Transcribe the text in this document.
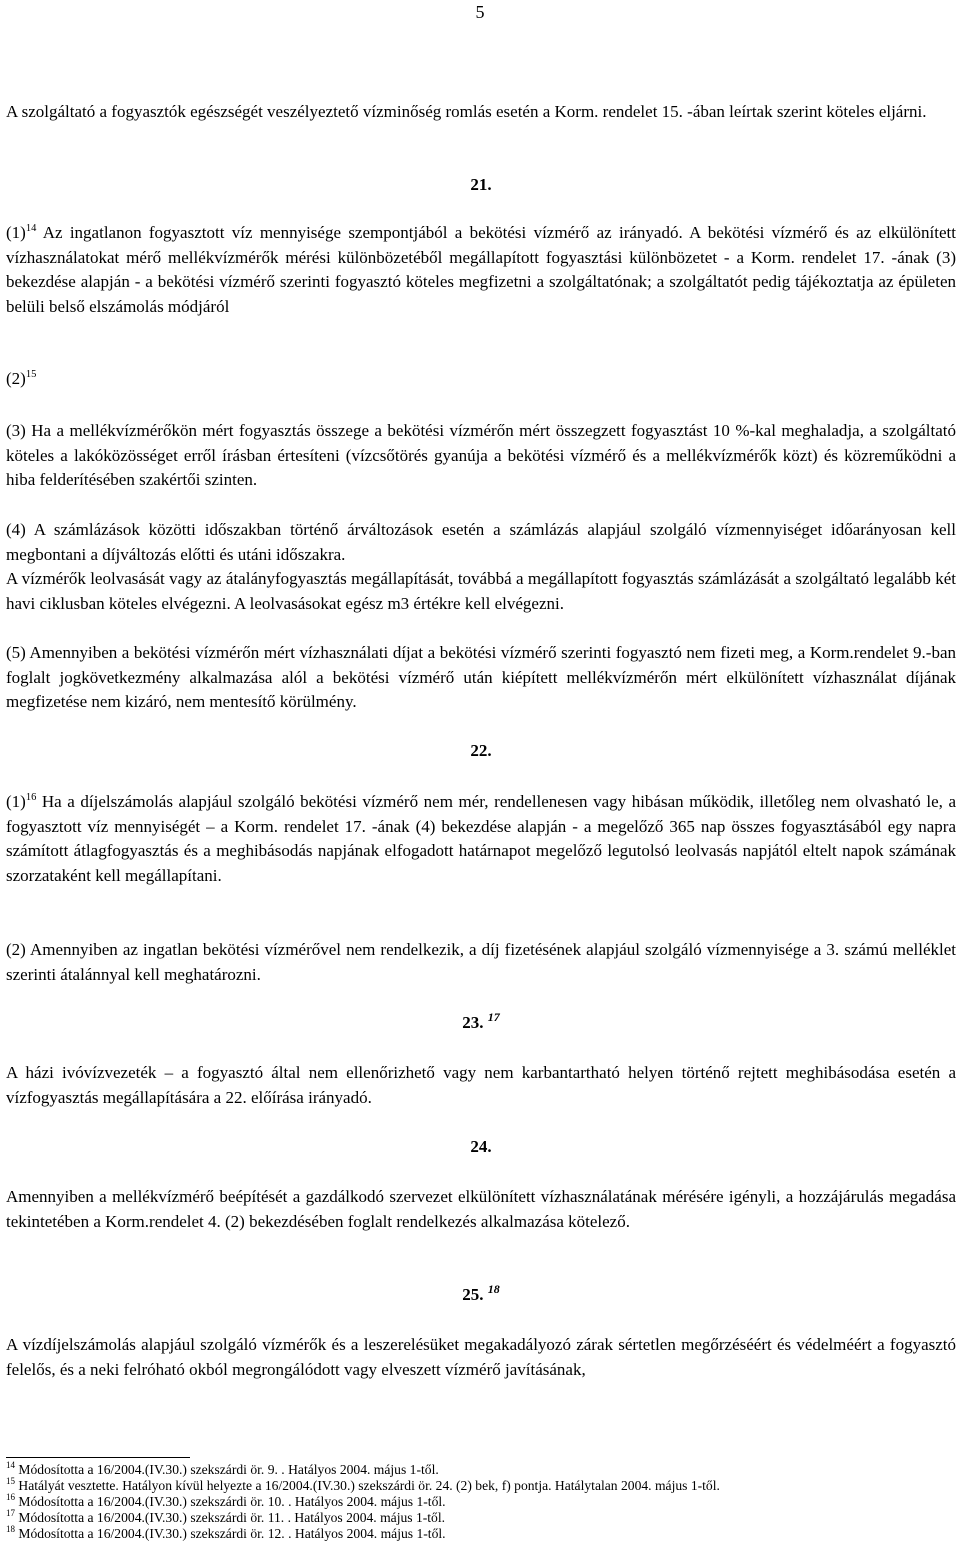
5

A szolgáltató a fogyasztók egészségét veszélyeztető vízminőség romlás esetén a Korm. rendelet 15. -ában leírtak szerint köteles eljárni.

21.

$(1)^{14}$ Az ingatlanon fogyasztott víz mennyisége szempontjából a bekötési vízmérő az irányadó. A bekötési vízmérő és az elkülönített vízhasználatokat mérő mellékvízmérők mérési különbözetéből megállapított fogyasztási különbözetet - a Korm. rendelet 17. -ának (3) bekezdése alapján - a bekötési vízmérő szerinti fogyasztó köteles megfizetni a szolgáltatónak; a szolgáltatót pedig tájékoztatja az épületen belüli belső elszámolás módjáról

$(2)^{15}$

(3) Ha a mellékvízmérőkön mért fogyasztás összege a bekötési vízmérőn mért összegzett fogyasztást 10 %-kal meghaladja, a szolgáltató köteles a lakóközösséget erről írásban értesíteni (vízcsőtörés gyanúja a bekötési vízmérő és a mellékvízmérők közt) és közreműködni a hiba felderítésében szakértői szinten.

(4) A számlázások közötti időszakban történő árváltozások esetén a számlázás alapjául szolgáló vízmennyiséget időarányosan kell megbontani a díjváltozás előtti és utáni időszakra.

A vízmérők leolvasását vagy az átalányfogyasztás megállapítását, továbbá a megállapított fogyasztás számlázását a szolgáltató legalább két havi ciklusban köteles elvégezni. A leolvasásokat egész m3 értékre kell elvégezni.

(5) Amennyiben a bekötési vízmérőn mért vízhasználati díjat a bekötési vízmérő szerinti fogyasztó nem fizeti meg, a Korm.rendelet 9.-ban foglalt jogkövetkezmény alkalmazása alól a bekötési vízmérő után kiépített mellékvízmérőn mért elkülönített vízhasználat díjának megfizetése nem kizáró, nem mentesítő körülmény.

22.

$(1)^{16}$ Ha a díjelszámolás alapjául szolgáló bekötési vízmérő nem mér, rendellenesen vagy hibásan működik, illetőleg nem olvasható le, a fogyasztott víz mennyiségét – a Korm. rendelet 17. -ának (4) bekezdése alapján - a megelőző 365 nap összes fogyasztásából egy napra számított átlagfogyasztás és a meghibásodás napjának elfogadott határnapot megelőző legutolsó leolvasás napjától eltelt napok számának szorzataként kell megállapítani.

(2) Amennyiben az ingatlan bekötési vízmérővel nem rendelkezik, a díj fizetésének alapjául szolgáló vízmennyisége a 3. számú melléklet szerinti átalánnyal kell meghatározni.

23. $^{17}$

A házi ivóvízvezeték – a fogyasztó által nem ellenőrizhető vagy nem karbantartható helyen történő rejtett meghibásodása esetén a vízfogyasztás megállapítására a 22. előírása irányadó.

24.

Amennyiben a mellékvízmérő beépítését a gazdálkodó szervezet elkülönített vízhasználatának mérésére igényli, a hozzájárulás megadása tekintetében a Korm.rendelet 4. (2) bekezdésében foglalt rendelkezés alkalmazása kötelező.

25. $^{18}$

A vízdíjelszámolás alapjául szolgáló vízmérők és a leszerelésüket megakadályozó zárak sértetlen megőrzéséért és védelméért a fogyasztó felelős, és a neki felróható okból megrongálódott vagy elveszett vízmérő javításának,

$^{14}$ Módosította a 16/2004.(IV.30.) szekszárdi ör. 9. . Hatályos 2004. május 1-től.
$^{15}$ Hatályát vesztette. Hatályon kívül helyezte a 16/2004.(IV.30.) szekszárdi ör. 24. (2) bek, f) pontja. Hatálytalan 2004. május 1-től.
$^{16}$ Módosította a 16/2004.(IV.30.) szekszárdi ör. 10. . Hatályos 2004. május 1-től.
$^{17}$ Módosította a 16/2004.(IV.30.) szekszárdi ör. 11. . Hatályos 2004. május 1-től.
$^{18}$ Módosította a 16/2004.(IV.30.) szekszárdi ör. 12. . Hatályos 2004. május 1-től.
